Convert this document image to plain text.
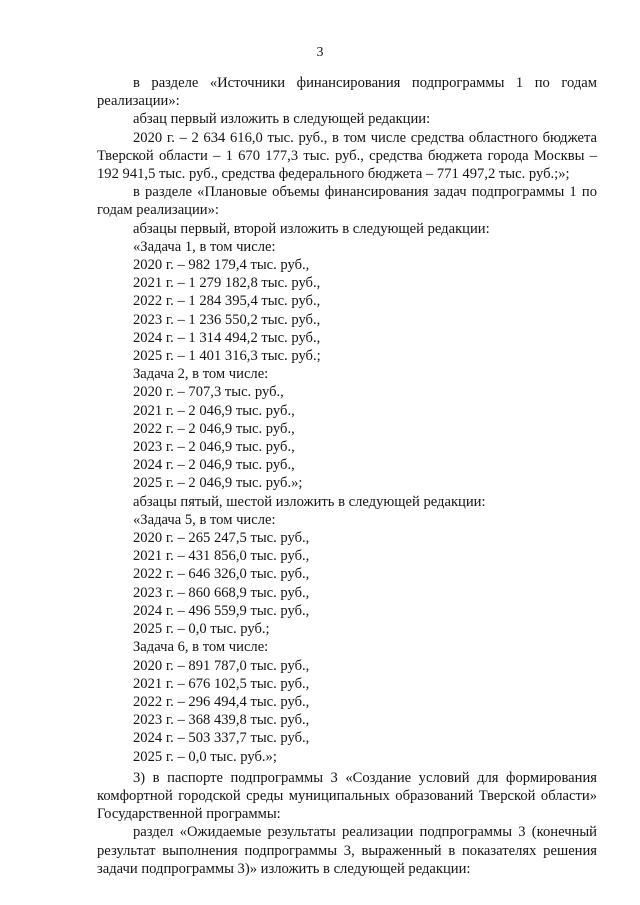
3

в разделе «Источники финансирования подпрограммы 1 по годам реализации»:

абзац первый изложить в следующей редакции:

2020 г. – 2 634 616,0 тыс. руб., в том числе средства областного бюджета Тверской области – 1 670 177,3 тыс. руб., средства бюджета города Москвы – 192 941,5 тыс. руб., средства федерального бюджета – 771 497,2 тыс. руб.;»;

в разделе «Плановые объемы финансирования задач подпрограммы 1 по годам реализации»:

абзацы первый, второй изложить в следующей редакции:

«Задача 1, в том числе:

2020 г. – 982 179,4 тыс. руб.,

2021 г. – 1 279 182,8 тыс. руб.,

2022 г. – 1 284 395,4 тыс. руб.,

2023 г. – 1 236 550,2 тыс. руб.,

2024 г. – 1 314 494,2 тыс. руб.,

2025 г. – 1 401 316,3 тыс. руб.;

Задача 2, в том числе:

2020 г. – 707,3 тыс. руб.,

2021 г. – 2 046,9 тыс. руб.,

2022 г. – 2 046,9 тыс. руб.,

2023 г. – 2 046,9 тыс. руб.,

2024 г. – 2 046,9 тыс. руб.,

2025 г. – 2 046,9 тыс. руб.»;

абзацы пятый, шестой изложить в следующей редакции:

«Задача 5, в том числе:

2020 г. – 265 247,5 тыс. руб.,

2021 г. – 431 856,0 тыс. руб.,

2022 г. – 646 326,0 тыс. руб.,

2023 г. – 860 668,9 тыс. руб.,

2024 г. – 496 559,9 тыс. руб.,

2025 г. – 0,0 тыс. руб.;

Задача 6, в том числе:

2020 г. – 891 787,0 тыс. руб.,

2021 г. – 676 102,5 тыс. руб.,

2022 г. – 296 494,4 тыс. руб.,

2023 г. – 368 439,8 тыс. руб.,

2024 г. – 503 337,7 тыс. руб.,

2025 г. – 0,0 тыс. руб.»;

3) в паспорте подпрограммы 3 «Создание условий для формирования комфортной городской среды муниципальных образований Тверской области» Государственной программы:

раздел «Ожидаемые результаты реализации подпрограммы 3 (конечный результат выполнения подпрограммы 3, выраженный в показателях решения задачи подпрограммы 3)» изложить в следующей редакции:
